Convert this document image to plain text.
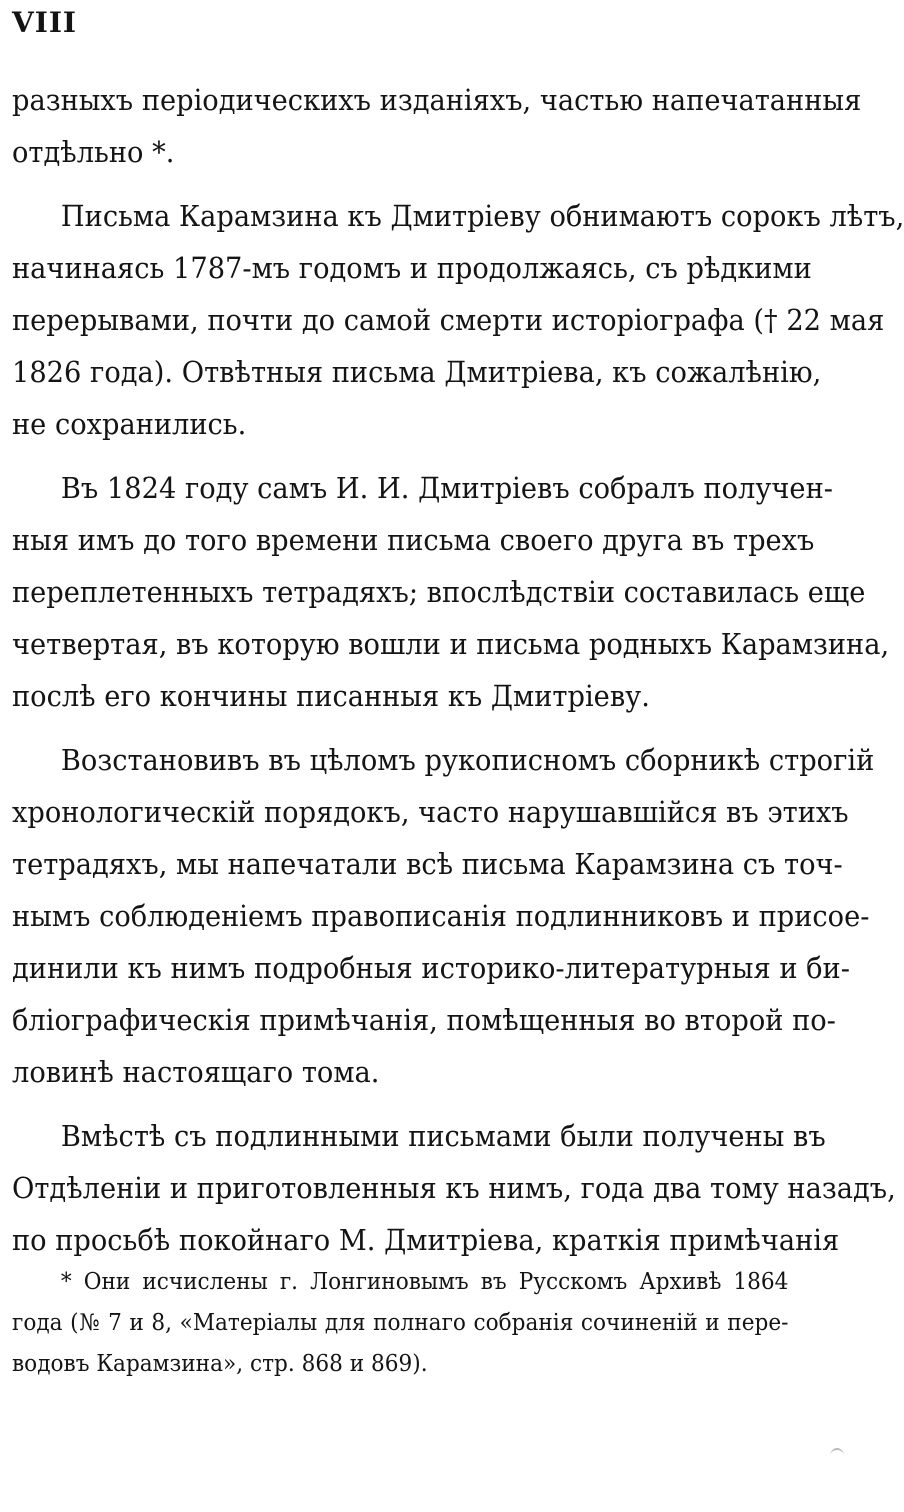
VIII
разныхъ періодическихъ изданіяхъ, частью напечатанныя
отдѣльно *.
Письма Карамзина къ Дмитріеву обнимаютъ сорокъ лѣтъ,
начинаясь 1787-мъ годомъ и продолжаясь, съ рѣдкими
перерывами, почти до самой смерти исторіографа († 22 мая
1826 года). Отвѣтныя письма Дмитріева, къ сожалѣнію,
не сохранились.
Въ 1824 году самъ И. И. Дмитріевъ собралъ получен-
ныя имъ до того времени письма своего друга въ трехъ
переплетенныхъ тетрадяхъ; впослѣдствіи составилась еще
четвертая, въ которую вошли и письма родныхъ Карамзина,
послѣ его кончины писанныя къ Дмитріеву.
Возстановивъ въ цѣломъ рукописномъ сборникѣ строгій
хронологическій порядокъ, часто нарушавшійся въ этихъ
тетрадяхъ, мы напечатали всѣ письма Карамзина съ точ-
нымъ соблюденіемъ правописанія подлинниковъ и присое-
динили къ нимъ подробныя историко-литературныя и би-
бліографическія примѣчанія, помѣщенныя во второй по-
ловинѣ настоящаго тома.
Вмѣстѣ съ подлинными письмами были получены въ
Отдѣленіи и приготовленныя къ нимъ, года два тому назадъ,
по просьбѣ покойнаго М. Дмитріева, краткія примѣчанія
* Они исчислены г. Лонгиновымъ въ Русскомъ Архивѣ 1864
года (№ 7 и 8, «Матеріалы для полнаго собранія сочиненій и пере-
водовъ Карамзина», стр. 868 и 869).
